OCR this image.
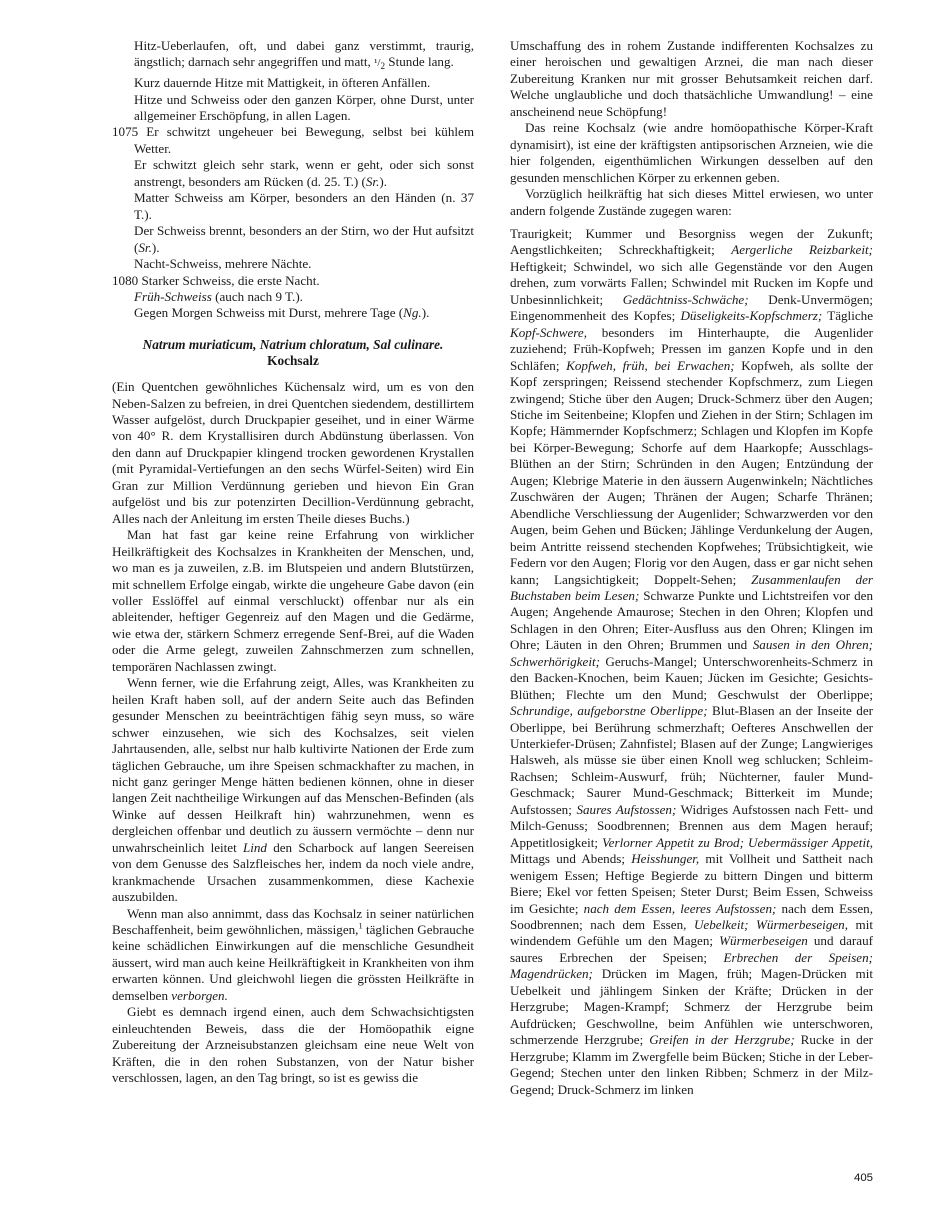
Hitz-Ueberlaufen, oft, und dabei ganz verstimmt, traurig, ängstlich; darnach sehr angegriffen und matt, $^1/_2$ Stunde lang.

Kurz dauernde Hitze mit Mattigkeit, in öfteren Anfällen.

Hitze und Schweiss oder den ganzen Körper, ohne Durst, unter allgemeiner Erschöpfung, in allen Lagen.

1075 Er schwitzt ungeheuer bei Bewegung, selbst bei kühlem Wetter.

Er schwitzt gleich sehr stark, wenn er geht, oder sich sonst anstrengt, besonders am Rücken (d. 25. T.) (Sr.).

Matter Schweiss am Körper, besonders an den Händen (n. 37 T.).

Der Schweiss brennt, besonders an der Stirn, wo der Hut aufsitzt (Sr.).

Nacht-Schweiss, mehrere Nächte.

1080 Starker Schweiss, die erste Nacht.

Früh-Schweiss (auch nach 9 T.).

Gegen Morgen Schweiss mit Durst, mehrere Tage (Ng.).

Natrum muriaticum, Natrium chloratum, Sal culinare.
Kochsalz

(Ein Quentchen gewöhnliches Küchensalz wird, um es von den Neben-Salzen zu befreien, in drei Quentchen siedendem, destillirtem Wasser aufgelöst, durch Druckpapier geseihet, und in einer Wärme von 40° R. dem Krystallisiren durch Abdünstung überlassen. Von den dann auf Druckpapier klingend trocken gewordenen Krystallen (mit Pyramidal-Vertiefungen an den sechs Würfel-Seiten) wird Ein Gran zur Million Verdünnung gerieben und hievon Ein Gran aufgelöst und bis zur potenzirten Decillion-Verdünnung gebracht, Alles nach der Anleitung im ersten Theile dieses Buchs.)

Man hat fast gar keine reine Erfahrung von wirklicher Heilkräftigkeit des Kochsalzes in Krankheiten der Menschen, und, wo man es ja zuweilen, z.B. im Blutspeien und andern Blutstürzen, mit schnellem Erfolge eingab, wirkte die ungeheure Gabe davon (ein voller Esslöffel auf einmal verschluckt) offenbar nur als ein ableitender, heftiger Gegenreiz auf den Magen und die Gedärme, wie etwa der, stärkern Schmerz erregende Senf-Brei, auf die Waden oder die Arme gelegt, zuweilen Zahnschmerzen zum schnellen, temporären Nachlassen zwingt.

Wenn ferner, wie die Erfahrung zeigt, Alles, was Krankheiten zu heilen Kraft haben soll, auf der andern Seite auch das Befinden gesunder Menschen zu beeinträchtigen fähig seyn muss, so wäre schwer einzusehen, wie sich des Kochsalzes, seit vielen Jahrtausenden, alle, selbst nur halb kultivirte Nationen der Erde zum täglichen Gebrauche, um ihre Speisen schmackhafter zu machen, in nicht ganz geringer Menge hätten bedienen können, ohne in dieser langen Zeit nachtheilige Wirkungen auf das Menschen-Befinden (als Winke auf dessen Heilkraft hin) wahrzunehmen, wenn es dergleichen offenbar und deutlich zu äussern vermöchte – denn nur unwahrscheinlich leitet Lind den Scharbock auf langen Seereisen von dem Genusse des Salzfleisches her, indem da noch viele andre, krankmachende Ursachen zusammenkommen, diese Kachexie auszubilden.

Wenn man also annimmt, dass das Kochsalz in seiner natürlichen Beschaffenheit, beim gewöhnlichen, mässigen,$^1$ täglichen Gebrauche keine schädlichen Einwirkungen auf die menschliche Gesundheit äussert, wird man auch keine Heilkräftigkeit in Krankheiten von ihm erwarten können. Und gleichwohl liegen die grössten Heilkräfte in demselben verborgen.

Giebt es demnach irgend einen, auch dem Schwachsichtigsten einleuchtenden Beweis, dass die der Homöopathik eigne Zubereitung der Arzneisubstanzen gleichsam eine neue Welt von Kräften, die in den rohen Substanzen, von der Natur bisher verschlossen, lagen, an den Tag bringt, so ist es gewiss die

Umschaffung des in rohem Zustande indifferenten Kochsalzes zu einer heroischen und gewaltigen Arznei, die man nach dieser Zubereitung Kranken nur mit grosser Behutsamkeit reichen darf. Welche unglaubliche und doch thatsächliche Umwandlung! – eine anscheinend neue Schöpfung!

Das reine Kochsalz (wie andre homöopathische Körper-Kraft dynamisirt), ist eine der kräftigsten antipsorischen Arzneien, wie die hier folgenden, eigenthümlichen Wirkungen desselben auf den gesunden menschlichen Körper zu erkennen geben.

Vorzüglich heilkräftig hat sich dieses Mittel erwiesen, wo unter andern folgende Zustände zugegen waren:

Traurigkeit; Kummer und Besorgniss wegen der Zukunft; Aengstlichkeiten; Schreckhaftigkeit; Aergerliche Reizbarkeit; Heftigkeit; Schwindel, wo sich alle Gegenstände vor den Augen drehen, zum vorwärts Fallen; Schwindel mit Rucken im Kopfe und Unbesinnlichkeit; Gedächtniss-Schwäche; Denk-Unvermögen; Eingenommenheit des Kopfes; Düseligkeits-Kopfschmerz; Tägliche Kopf-Schwere, besonders im Hinterhaupte, die Augenlider zuziehend; Früh-Kopfweh; Pressen im ganzen Kopfe und in den Schläfen; Kopfweh, früh, bei Erwachen; Kopfweh, als sollte der Kopf zerspringen; Reissend stechender Kopfschmerz, zum Liegen zwingend; Stiche über den Augen; Druck-Schmerz über den Augen; Stiche im Seitenbeine; Klopfen und Ziehen in der Stirn; Schlagen im Kopfe; Hämmernder Kopfschmerz; Schlagen und Klopfen im Kopfe bei Körper-Bewegung; Schorfe auf dem Haarkopfe; Ausschlags-Blüthen an der Stirn; Schründen in den Augen; Entzündung der Augen; Klebrige Materie in den äussern Augenwinkeln; Nächtliches Zuschwären der Augen; Thränen der Augen; Scharfe Thränen; Abendliche Verschliessung der Augenlider; Schwarzwerden vor den Augen, beim Gehen und Bücken; Jählinge Verdunkelung der Augen, beim Antritte reissend stechenden Kopfwehes; Trübsichtigkeit, wie Federn vor den Augen; Florig vor den Augen, dass er gar nicht sehen kann; Langsichtigkeit; Doppelt-Sehen; Zusammenlaufen der Buchstaben beim Lesen; Schwarze Punkte und Lichtstreifen vor den Augen; Angehende Amaurose; Stechen in den Ohren; Klopfen und Schlagen in den Ohren; Eiter-Ausfluss aus den Ohren; Klingen im Ohre; Läuten in den Ohren; Brummen und Sausen in den Ohren; Schwerhörigkeit; Geruchs-Mangel; Unterschworenheits-Schmerz in den Backen-Knochen, beim Kauen; Jücken im Gesichte; Gesichts-Blüthen; Flechte um den Mund; Geschwulst der Oberlippe; Schrundige, aufgeborstne Oberlippe; Blut-Blasen an der Inseite der Oberlippe, bei Berührung schmerzhaft; Oefteres Anschwellen der Unterkiefer-Drüsen; Zahnfistel; Blasen auf der Zunge; Langwieriges Halsweh, als müsse sie über einen Knoll weg schlucken; Schleim-Rachsen; Schleim-Auswurf, früh; Nüchterner, fauler Mund-Geschmack; Saurer Mund-Geschmack; Bitterkeit im Munde; Aufstossen; Saures Aufstossen; Widriges Aufstossen nach Fett- und Milch-Genuss; Soodbrennen; Brennen aus dem Magen herauf; Appetitlosigkeit; Verlorner Appetit zu Brod; Uebermässiger Appetit, Mittags und Abends; Heisshunger, mit Vollheit und Sattheit nach wenigem Essen; Heftige Begierde zu bittern Dingen und bitterm Biere; Ekel vor fetten Speisen; Steter Durst; Beim Essen, Schweiss im Gesichte; nach dem Essen, leeres Aufstossen; nach dem Essen, Soodbrennen; nach dem Essen, Uebelkeit; Würmerbeseigen, mit windendem Gefühle um den Magen; Würmerbeseigen und darauf saures Erbrechen der Speisen; Erbrechen der Speisen; Magendrücken; Drücken im Magen, früh; Magen-Drücken mit Uebelkeit und jählingem Sinken der Kräfte; Drücken in der Herzgrube; Magen-Krampf; Schmerz der Herzgrube beim Aufdrücken; Geschwollne, beim Anfühlen wie unterschworen, schmerzende Herzgrube; Greifen in der Herzgrube; Rucke in der Herzgrube; Klamm im Zwergfelle beim Bücken; Stiche in der Leber-Gegend; Stechen unter den linken Ribben; Schmerz in der Milz-Gegend; Druck-Schmerz im linken

405
